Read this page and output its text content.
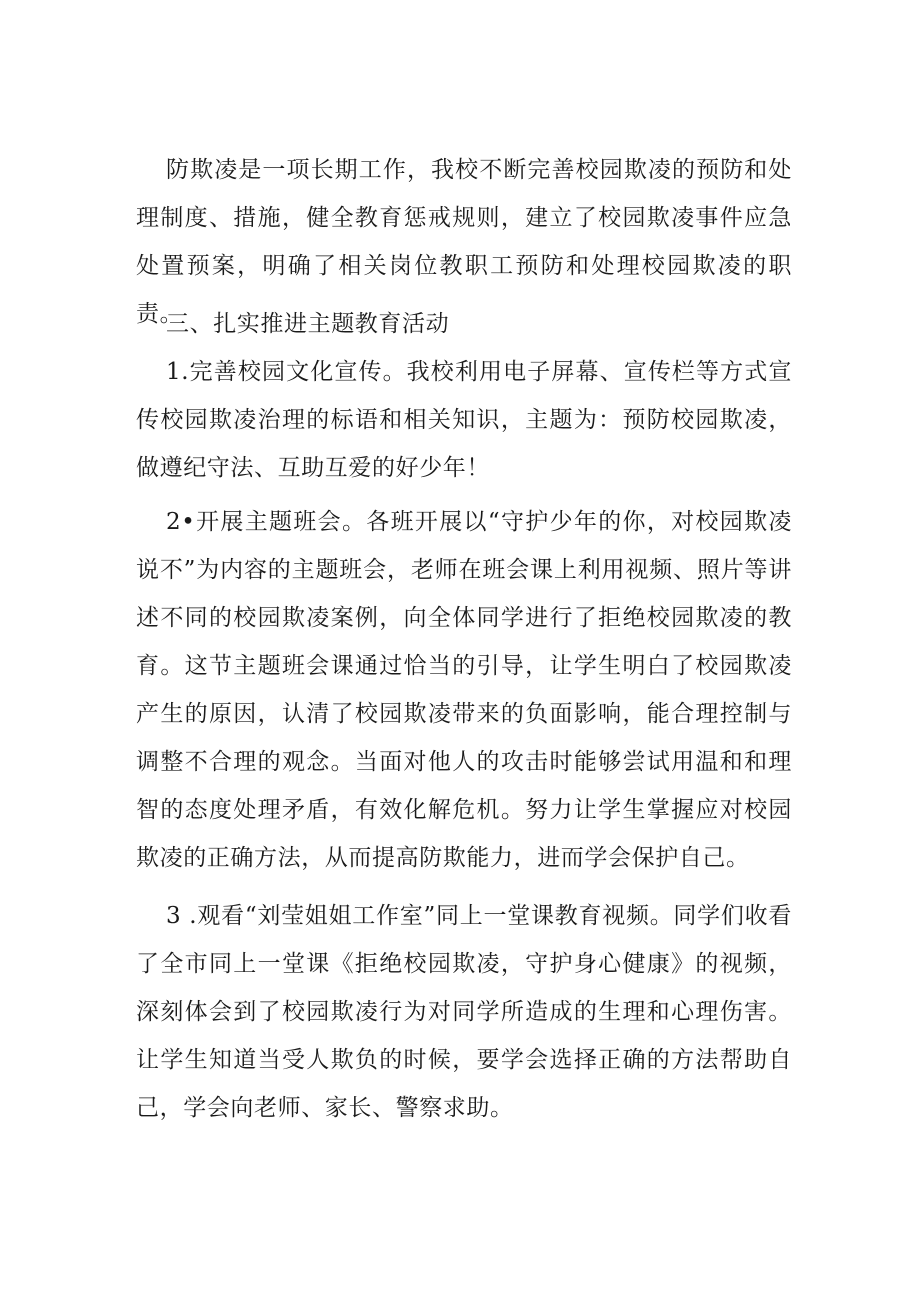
防欺凌是一项长期工作，我校不断完善校园欺凌的预防和处理制度、措施，健全教育惩戒规则，建立了校园欺凌事件应急处置预案，明确了相关岗位教职工预防和处理校园欺凌的职责。

三、扎实推进主题教育活动

1.完善校园文化宣传。我校利用电子屏幕、宣传栏等方式宣传校园欺凌治理的标语和相关知识，主题为：预防校园欺凌，做遵纪守法、互助互爱的好少年！

2•开展主题班会。各班开展以“守护少年的你，对校园欺凌说不”为内容的主题班会，老师在班会课上利用视频、照片等讲述不同的校园欺凌案例，向全体同学进行了拒绝校园欺凌的教育。这节主题班会课通过恰当的引导，让学生明白了校园欺凌产生的原因，认清了校园欺凌带来的负面影响，能合理控制与调整不合理的观念。当面对他人的攻击时能够尝试用温和和理智的态度处理矛盾，有效化解危机。努力让学生掌握应对校园欺凌的正确方法，从而提高防欺能力，进而学会保护自己。

3 .观看“刘莹姐姐工作室”同上一堂课教育视频。同学们收看了全市同上一堂课《拒绝校园欺凌，守护身心健康》的视频，深刻体会到了校园欺凌行为对同学所造成的生理和心理伤害。让学生知道当受人欺负的时候，要学会选择正确的方法帮助自己，学会向老师、家长、警察求助。
